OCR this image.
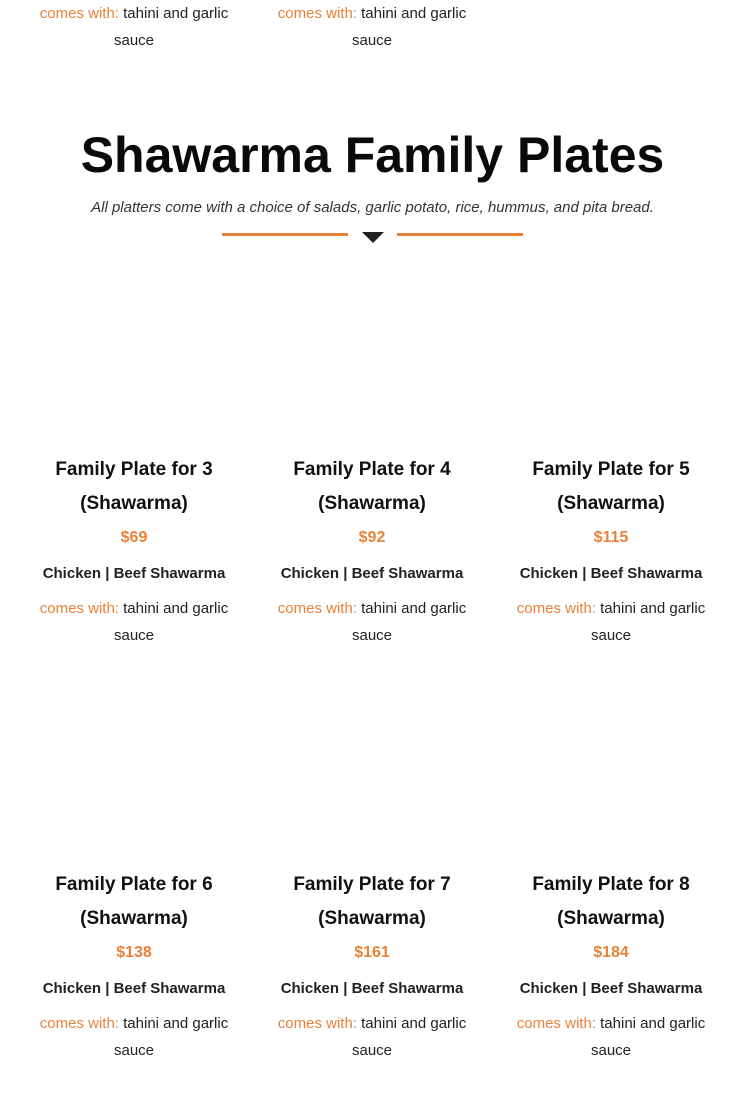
comes with: tahini and garlic sauce
comes with: tahini and garlic sauce
Shawarma Family Plates
All platters come with a choice of salads, garlic potato, rice, hummus, and pita bread.
Family Plate for 3 (Shawarma)
$69
Chicken | Beef Shawarma
comes with: tahini and garlic sauce
Family Plate for 4 (Shawarma)
$92
Chicken | Beef Shawarma
comes with: tahini and garlic sauce
Family Plate for 5 (Shawarma)
$115
Chicken | Beef Shawarma
comes with: tahini and garlic sauce
Family Plate for 6 (Shawarma)
$138
Chicken | Beef Shawarma
comes with: tahini and garlic sauce
Family Plate for 7 (Shawarma)
$161
Chicken | Beef Shawarma
comes with: tahini and garlic sauce
Family Plate for 8 (Shawarma)
$184
Chicken | Beef Shawarma
comes with: tahini and garlic sauce
